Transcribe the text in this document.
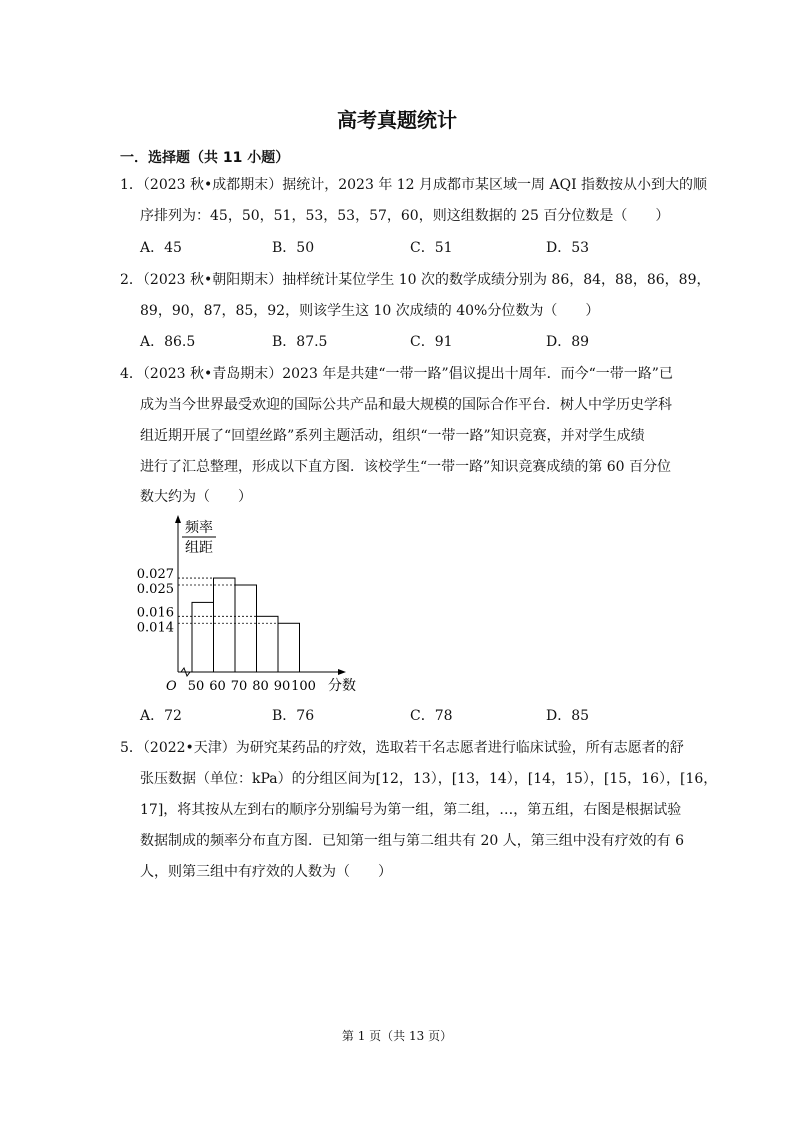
高考真题统计
一．选择题（共 11 小题）
1．（2023 秋•成都期末）据统计，2023 年 12 月成都市某区域一周 AQI 指数按从小到大的顺
序排列为：45，50，51，53，53，57，60，则这组数据的 25 百分位数是（　　）
A．45	B．50	C．51	D．53
2．（2023 秋•朝阳期末）抽样统计某位学生 10 次的数学成绩分别为 86，84，88，86，89，
89，90，87，85，92，则该学生这 10 次成绩的 40%分位数为（　　）
A．86.5	B．87.5	C．91	D．89
4．（2023 秋•青岛期末）2023 年是共建“一带一路”倡议提出十周年．而今“一带一路”已
成为当今世界最受欢迎的国际公共产品和最大规模的国际合作平台．树人中学历史学科
组近期开展了“回望丝路”系列主题活动，组织“一带一路”知识竞赛，并对学生成绩
进行了汇总整理，形成以下直方图．该校学生“一带一路”知识竞赛成绩的第 60 百分位
数大约为（　　）
频率
组距
O	分数
0.027
0.025
0.016
0.014
50 60 70 80 90 100
A．72	B．76	C．78	D．85
5．（2022•天津）为研究某药品的疗效，选取若干名志愿者进行临床试验，所有志愿者的舒
张压数据（单位：kPa）的分组区间为[12，13），[13，14），[14，15），[15，16），[16，
17]，将其按从左到右的顺序分别编号为第一组，第二组，…，第五组，右图是根据试验
数据制成的频率分布直方图．已知第一组与第二组共有 20 人，第三组中没有疗效的有 6
人，则第三组中有疗效的人数为（　　）
第 1 页（共 13 页）
